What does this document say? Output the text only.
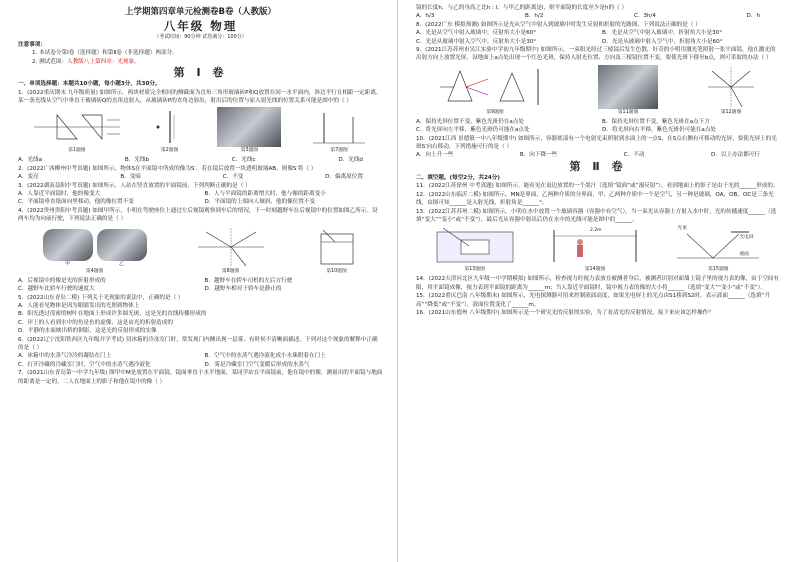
上学期第四章单元检测卷B卷（人教版）
八年级 物理
（考试时间：90分钟 试卷满分：100分）

注意事项：

1. 本试卷分第Ⅰ卷（选择题）和第Ⅱ卷（非选择题）两部分。

2. 测试范围：人教版八上第四章：光现象。

第 Ⅰ 卷

一、单项选择题：本题共10小题，每小题3分，共30分。

1．(2022重庆期末 九年级质量) 如图所示，两块材质完全相同的侧截面为直角三角形玻璃砖P和Q放置在同一水平面内，斜边平行且相距一定距离。某一条光线从空气中垂直于玻璃砖Q的直角边射入，从玻璃砖P的直角边射出，射出后的位置与原入射光线的位置关系可能是图中的（ ）

第1题图	第2题图	第3题图	第7题图
A．光线a	B．光线b	C．光线c	D．光线d

2．(2022广西柳州中考真题) 如图所示，物体S在平面镜中所成的像为S′。若在镜后放置一块透明玻璃AB，则像S′将（ ）

A．变亮	B．变暗	C．不变	D．偏离原位置

3．(2022湖南益阳中考真题) 如图所示，人站在竖直放置的平面镜前，下列判断正确的是（ ）

A．人靠近平面镜时，他的像变大	B．人与平面镜的距离增大时，他与像的距离变小
C．平面镜垂直纸面向里移动，他的像位置不变	D．平面镜的上端向人倾斜，他的像位置不变

4．(2022贵州贵阳中考真题) 如图甲所示，小明在驾驶座位上通过左后视镜观察到车后的情况，下一时刻越野车在后视镜中的位置如图乙所示。设两车均为向前行驶，下列说法正确的是（ ）

甲	乙
第4题图	第8题图	第10题图
A．后视镜中的像是光的折射形成的	B．越野车在轿车司机的左后方行驶
C．越野车比轿车行驶的速度大	D．越野车相对于轿车是静止的

5．(2022山东青岛二模) 下列关于光现象的说法中，正确的是（ ）

A．人能看见物体是因为眼睛发出的光照到物体上

B．阳光透过茂密的树叶在地面上形成许多圆光斑，这是光的直线传播形成的

C．岸上的人看到水中的鱼是鱼的虚像，这是由光的折射造成的

D．平静的水面映出桥的倒影，这是光的反射形成的实像

6．(2022辽宁沈阳铁西区九年级开学考试) 切冰箱的冷冻室门时，常发现门内侧出现一层雾，有时侯不清晰面描述。下列对这个现象的解释中正确的是（ ）

A．冰箱中的水蒸气冷冷的凝结在门上	B．空气中的水蒸气遇冷液化成小水珠附着在门上
C．打开冷藏的冷藏室门时，空气中的水蒸气遇冷液化	D．雾是冷藏室门空气变暖后形成的水蒸气

7．(2021山东青岛第一中学九年级) 图甲中M是放置在平面镜，镜面垂直于水平地面，某同学站在平面镜前，他在镜中的像，测量出的平面镜与地面的距离是一定的，二人在地面上的影子和他在镜中的像（ ）

镜的长度h，与乙的身高之比h : l，与甲乙的距离是l，则平面镜的长度至少是h的（ ）

A．h/3	B．h/2	C．3h/4	D．h

8．(2022广东 模拟预测) 如图所示是光从空气中射入到玻璃中时发生反射和折射的光路图，下列说法正确的是（ ）

A．光是从空气中射入玻璃中，反射角大小是60°	B．光是从空气中射入玻璃中，折射角大小是30°
C．光是从玻璃中射入空气中，反射角大小是30°	D．光是从玻璃中射入空气中，折射角大小是60°

9．(2021江苏苏州市吴江实验中学初九年级期中) 如图所示，一束阳光经过三棱镜后发生色散，好奇的小明用激光笔照射一张平面镜，他在激光的出射方向上放置光屏，设地面上a点处出现一个红色光斑，保持入射光位置、方向及三棱镜位置不变，要使光斑下移至b点，则可采取的办法（ ）

第9题图	第11题图	第12题图
A．保持光屏位置不变，紫色光斑仍在a点处	B．保持光屏位置不变，紫色光斑在a点下方
C．将光屏向左平移，紫色光斑仍可能在a点处	D．将光屏向右平移，紫色光斑仍可能在a点处

10．(2021江西 景德镇一中八年级期中) 如图所示，容器底部有一个电射光束照射到水面上的一点S，在S点右侧有可移动的光屏，要使光屏上的光斑S′向右移动，下列措施可行的是（ ）

A．向上升一些	B．向下降一些	C．不动	D．以上办法都可行
第 Ⅱ 卷

二、填空题。(每空2分，共24分)

11．(2022江苏徐州 中考真题) 如图所示，能看见在桌边放置的一个墨汁（选填“镜面”或“漫反射”），看到地面上的影子是由于光的______形成的。

12．(2022山东临沂二模) 如图所示，MN是界面，乙两种介质的分界面，甲、乙两种介质中一个是空气，另一种是玻璃，OA、OB、OC是三条光线，由图可知______是入射光线，折射角是______°。

13．(2022江苏苏州二模) 如图所示，小明在水中放置一个玻璃容器（容器中有空气），当一束光从容器上方射入水中时，光的传播速度______（选填“变大”“变小”或“不变”），最后光从容器中射出后仍在水中的光线可能是图中的______。

第13题图
2.2m
第14题图
光束
光电屏
液面
第15题图

14．(2022天津河北区九年级一中学期模拟) 如图所示，检查视力时视力表放在被测者身后，被测者识别对面墙上镜子里的视力表的像，由于空间有限，用平面镜成像，视力表到平面镜的距离为______m；当人靠近平面镜时，镜中视力表的像的大小将______（选填“变大”“变小”或“不变”）。

15．(2022重庆巴南 八年级期末) 如图所示，光电探测器可用来控制液面高度，如果光电屏上的光点由S1移到S2时，表示液面______（选填“升高”“降低”或“不变”），液面位置变化了______m。

16．(2021山东德州 八年级期中) 如图所示是一个研究光的反射的实验，为了看清光的反射情况，接下来应该怎样操作？
